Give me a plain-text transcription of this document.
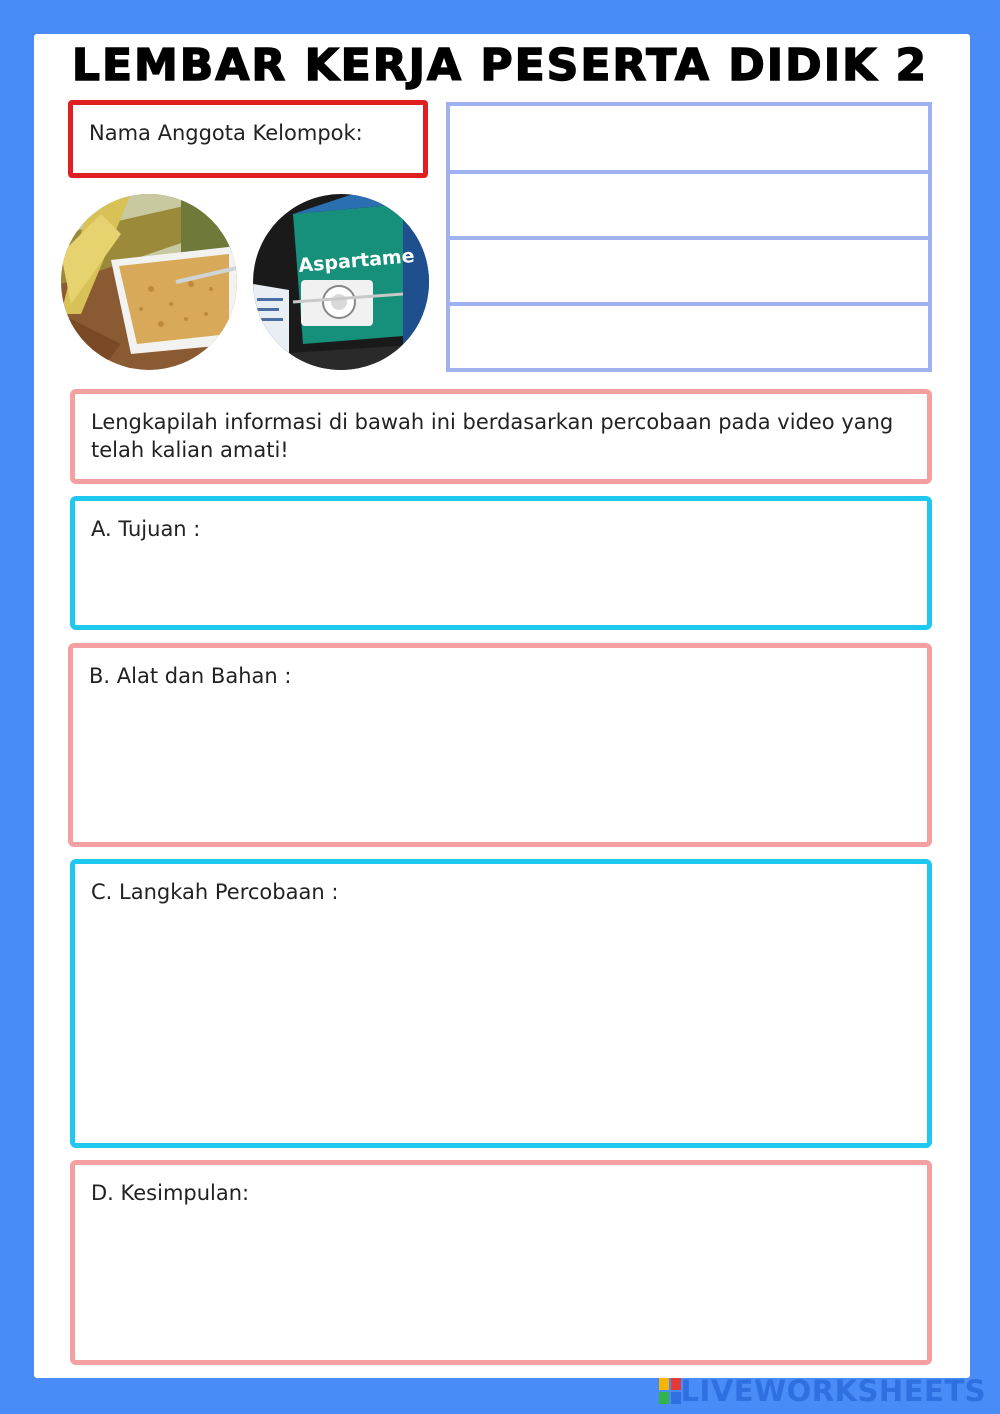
LEMBAR KERJA PESERTA DIDIK 2
Nama Anggota Kelompok:
Aspartame
Lengkapilah informasi di bawah ini berdasarkan percobaan pada video yang telah kalian amati!
A. Tujuan :
B. Alat dan Bahan :
C. Langkah Percobaan :
D. Kesimpulan:
LIVEWORKSHEETS
